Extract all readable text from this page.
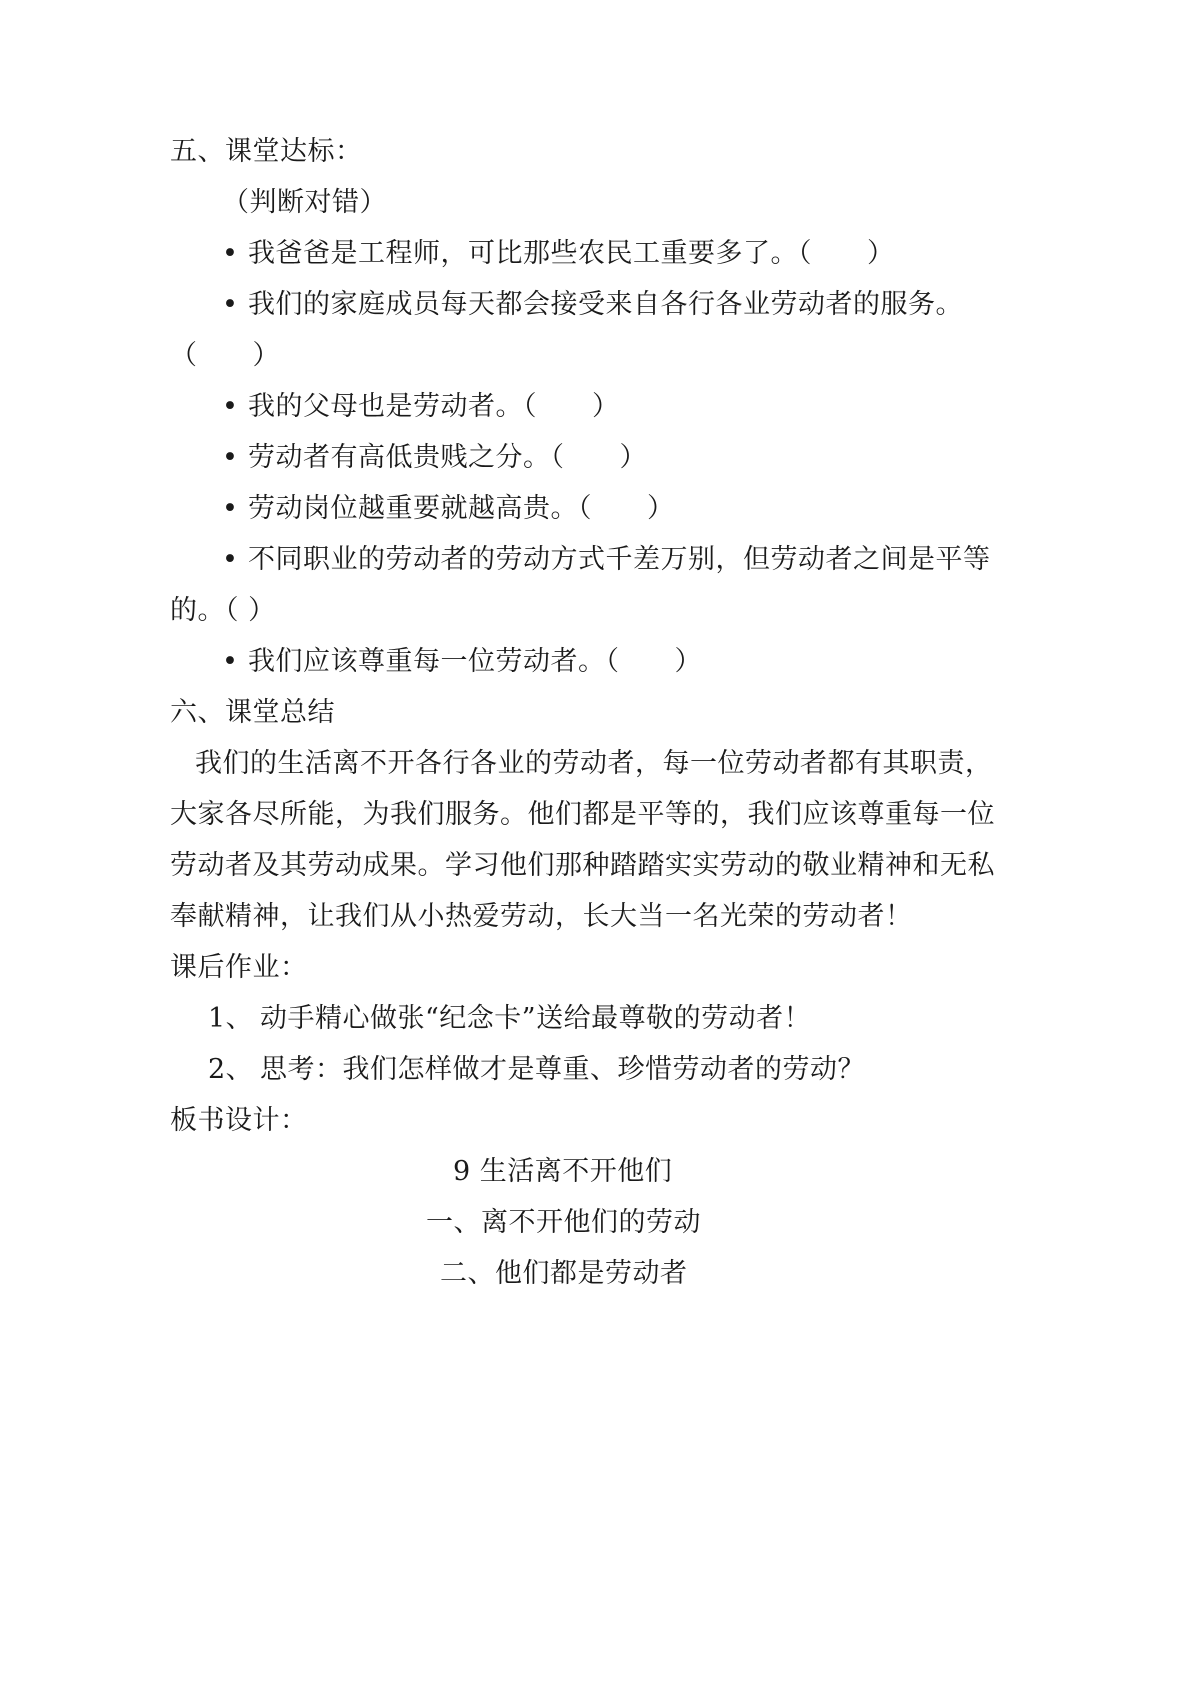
五、课堂达标：
（判断对错）
• 我爸爸是工程师，可比那些农民工重要多了。（　　）
• 我们的家庭成员每天都会接受来自各行各业劳动者的服务。
（　　）
• 我的父母也是劳动者。（　　）
• 劳动者有高低贵贱之分。（　　）
• 劳动岗位越重要就越高贵。（　　）
• 不同职业的劳动者的劳动方式千差万别，但劳动者之间是平等
的。（ ）
• 我们应该尊重每一位劳动者。（　　）
六、课堂总结
我们的生活离不开各行各业的劳动者，每一位劳动者都有其职责，
大家各尽所能，为我们服务。他们都是平等的，我们应该尊重每一位
劳动者及其劳动成果。学习他们那种踏踏实实劳动的敬业精神和无私
奉献精神，让我们从小热爱劳动，长大当一名光荣的劳动者！
课后作业：
1、 动手精心做张“纪念卡”送给最尊敬的劳动者！
2、 思考：我们怎样做才是尊重、珍惜劳动者的劳动？
板书设计：
9 生活离不开他们
一、离不开他们的劳动
二、他们都是劳动者
